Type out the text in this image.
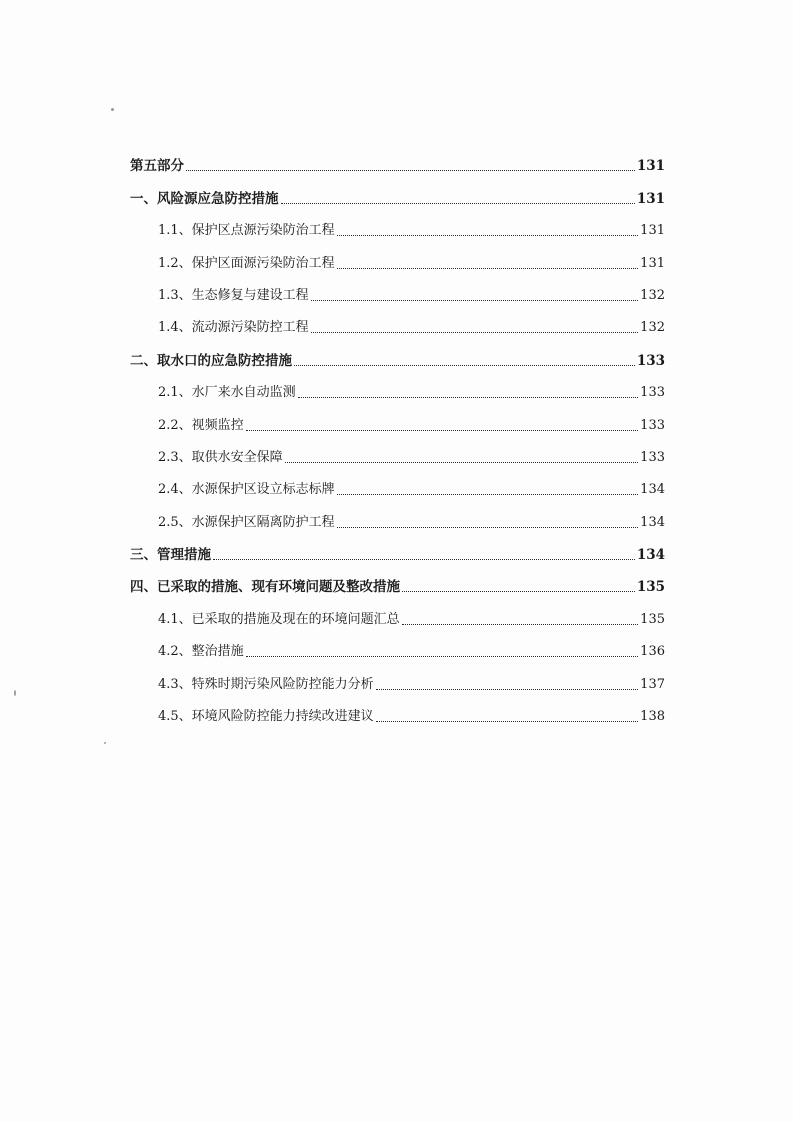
第五部分	131
一、风险源应急防控措施	131
1.1、保护区点源污染防治工程	131
1.2、保护区面源污染防治工程	131
1.3、生态修复与建设工程	132
1.4、流动源污染防控工程	132
二、取水口的应急防控措施	133
2.1、水厂来水自动监测	133
2.2、视频监控	133
2.3、取供水安全保障	133
2.4、水源保护区设立标志标牌	134
2.5、水源保护区隔离防护工程	134
三、管理措施	134
四、已采取的措施、现有环境问题及整改措施	135
4.1、已采取的措施及现在的环境问题汇总	135
4.2、整治措施	136
4.3、特殊时期污染风险防控能力分析	137
4.5、环境风险防控能力持续改进建议	138
